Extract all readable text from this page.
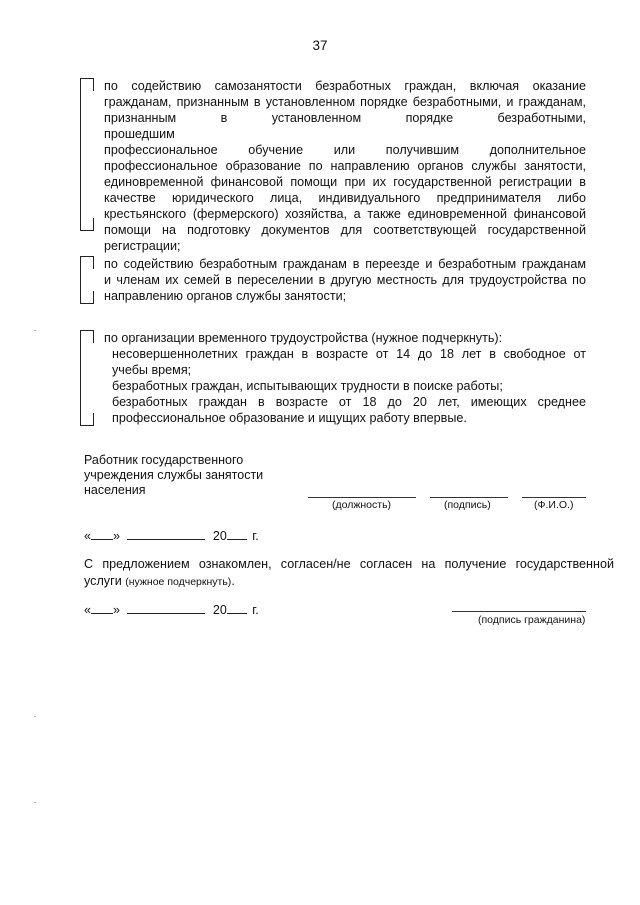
37
по содействию самозанятости безработных граждан, включая оказание
гражданам, признанным в установленном порядке безработными, и гражданам,
признанным в установленном порядке безработными, прошедшим
профессиональное обучение или получившим дополнительное
профессиональное образование по направлению органов службы занятости,
единовременной финансовой помощи при их государственной регистрации в
качестве юридического лица, индивидуального предпринимателя либо
крестьянского (фермерского) хозяйства, а также единовременной финансовой
помощи на подготовку документов для соответствующей государственной
регистрации;
по содействию безработным гражданам в переезде и безработным гражданам
и членам их семей в переселении в другую местность для трудоустройства по
направлению органов службы занятости;
по организации временного трудоустройства (нужное подчеркнуть):
несовершеннолетних граждан в возрасте от 14 до 18 лет в свободное от
учебы время;
безработных граждан, испытывающих трудности в поиске работы;
безработных граждан в возрасте от 18 до 20 лет, имеющих среднее
профессиональное образование и ищущих работу впервые.
Работник государственного
учреждения службы занятости
населения
(должность)	(подпись)	(Ф.И.О.)
« »	20 г.
С предложением ознакомлен, согласен/не согласен на получение государственной
услуги (нужное подчеркнуть).
« »	20 г.
(подпись гражданина)
